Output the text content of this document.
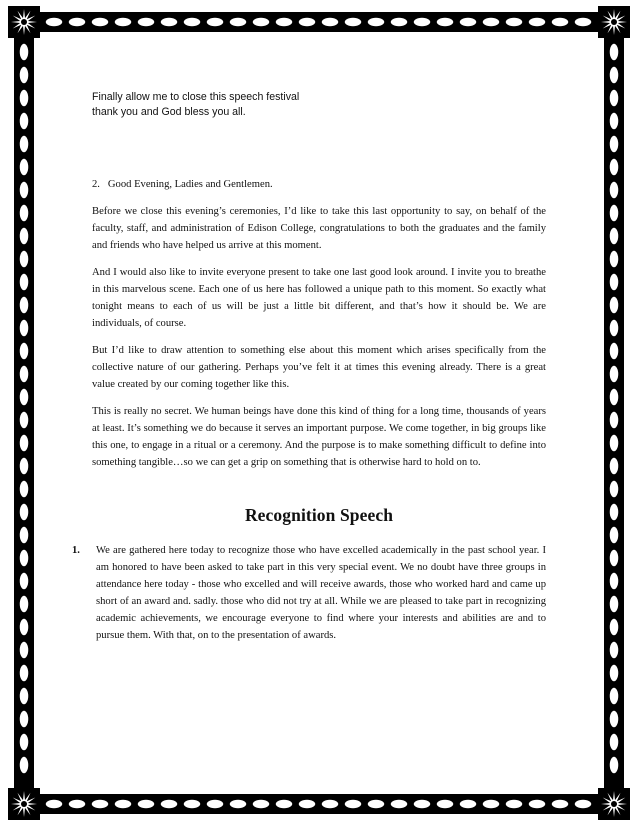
Finally allow me to close this speech festival
thank you and God bless you all.
2.   Good Evening, Ladies and Gentlemen.

Before we close this evening’s ceremonies, I’d like to take this last opportunity to say, on behalf of the faculty, staff, and administration of Edison College, congratulations to both the graduates and the family and friends who have helped us arrive at this moment.

And I would also like to invite everyone present to take one last good look around. I invite you to breathe in this marvelous scene. Each one of us here has followed a unique path to this moment. So exactly what tonight means to each of us will be just a little bit different, and that’s how it should be. We are individuals, of course.

But I’d like to draw attention to something else about this moment which arises specifically from the collective nature of our gathering. Perhaps you’ve felt it at times this evening already. There is a great value created by our coming together like this.

This is really no secret. We human beings have done this kind of thing for a long time, thousands of years at least. It’s something we do because it serves an important purpose. We come together, in big groups like this one, to engage in a ritual or a ceremony. And the purpose is to make something difficult to define into something tangible…so we can get a grip on something that is otherwise hard to hold on to.

Recognition Speech
1.	We are gathered here today to recognize those who have excelled academically in the past school year. I am honored to have been asked to take part in this very special event. We no doubt have three groups in attendance here today - those who excelled and will receive awards, those who worked hard and came up short of an award and. sadly. those who did not try at all. While we are pleased to take part in recognizing academic achievements, we encourage everyone to find where your interests and abilities are and to pursue them. With that, on to the presentation of awards.
